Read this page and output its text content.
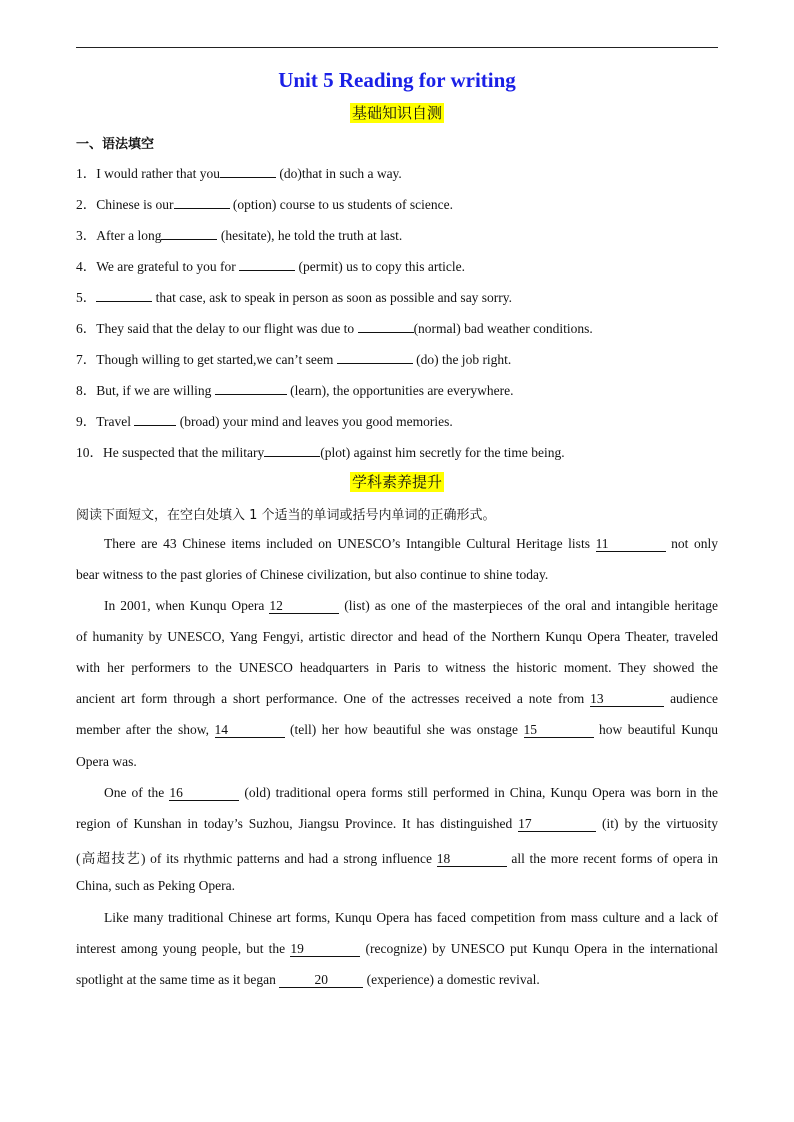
Unit 5 Reading for writing
基础知识自测
一、语法填空
1．I would rather that you	(do)that in such a way.
2．Chinese is our	(option) course to us students of science.
3．After a long	(hesitate), he told the truth at last.
4．We are grateful to you for	(permit) us to copy this article.
5．	that case, ask to speak in person as soon as possible and say sorry.
6．They said that the delay to our flight was due to	(normal) bad weather conditions.
7．Though willing to get started,we can’t seem	(do) the job right.
8．But, if we are willing	(learn), the opportunities are everywhere.
9．Travel	(broad) your mind and leaves you good memories.
10．He suspected that the military	(plot) against him secretly for the time being.
学科素养提升
阅读下面短文，在空白处填入 1 个适当的单词或括号内单词的正确形式。
There are 43 Chinese items included on UNESCO’s Intangible Cultural Heritage lists 11	not only
bear witness to the past glories of Chinese civilization, but also continue to shine today.
In 2001, when Kunqu Opera 12	(list) as one of the masterpieces of the oral and intangible heritage
of humanity by UNESCO, Yang Fengyi, artistic director and head of the Northern Kunqu Opera Theater, traveled
with her performers to the UNESCO headquarters in Paris to witness the historic moment. They showed the
ancient art form through a short performance. One of the actresses received a note from 13	audience
member after the show, 14	(tell) her how beautiful she was onstage 15	how beautiful Kunqu
Opera was.
One of the 16	(old) traditional opera forms still performed in China, Kunqu Opera was born in the
region of Kunshan in today’s Suzhou, Jiangsu Province. It has distinguished 17	(it) by the virtuosity
(高超技艺) of its rhythmic patterns and had a strong influence 18	all the more recent forms of opera in
China, such as Peking Opera.
Like many traditional Chinese art forms, Kunqu Opera has faced competition from mass culture and a lack of
interest among young people, but the 19	(recognize) by UNESCO put Kunqu Opera in the international
spotlight at the same time as it began	20	(experience) a domestic revival.
